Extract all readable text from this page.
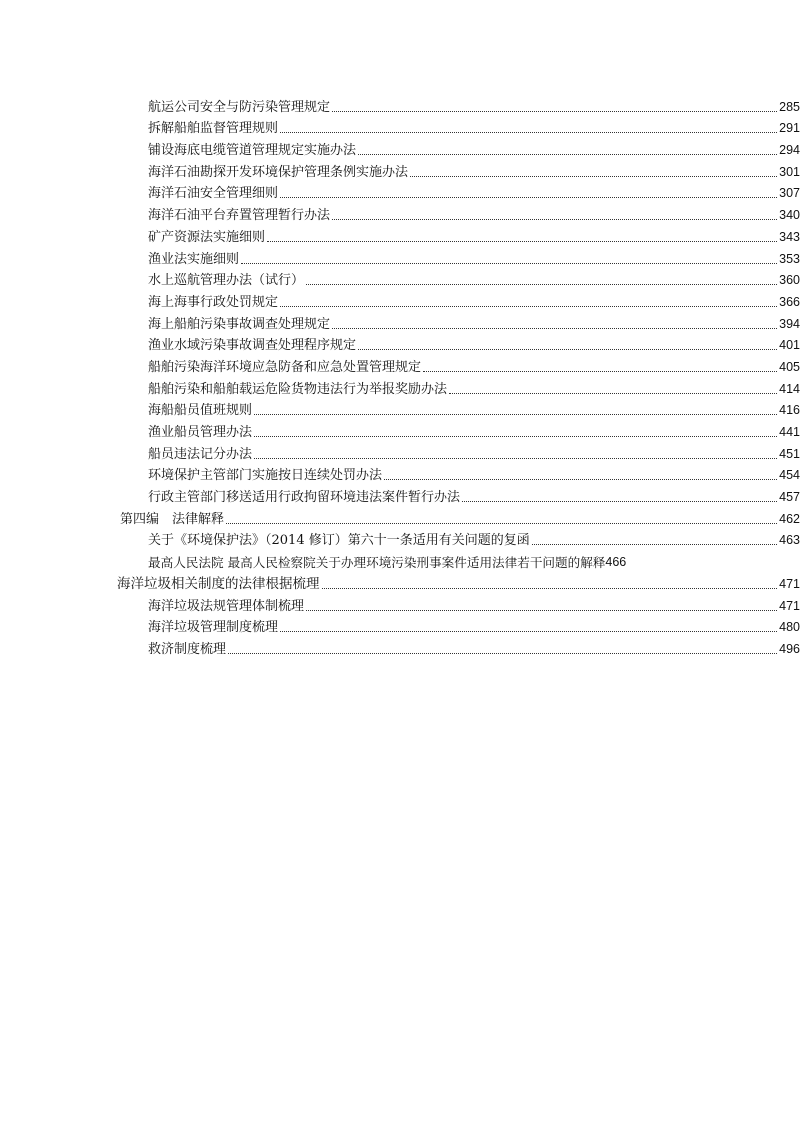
航运公司安全与防污染管理规定	285
拆解船舶监督管理规则	291
铺设海底电缆管道管理规定实施办法	294
海洋石油勘探开发环境保护管理条例实施办法	301
海洋石油安全管理细则	307
海洋石油平台弃置管理暂行办法	340
矿产资源法实施细则	343
渔业法实施细则	353
水上巡航管理办法（试行）	360
海上海事行政处罚规定	366
海上船舶污染事故调查处理规定	394
渔业水域污染事故调查处理程序规定	401
船舶污染海洋环境应急防备和应急处置管理规定	405
船舶污染和船舶载运危险货物违法行为举报奖励办法	414
海船船员值班规则	416
渔业船员管理办法	441
船员违法记分办法	451
环境保护主管部门实施按日连续处罚办法	454
行政主管部门移送适用行政拘留环境违法案件暂行办法	457
第四编　法律解释	462
关于《环境保护法》（2014 修订）第六十一条适用有关问题的复函	463
最高人民法院 最高人民检察院关于办理环境污染刑事案件适用法律若干问题的解释 466
海洋垃圾相关制度的法律根据梳理	471
海洋垃圾法规管理体制梳理	471
海洋垃圾管理制度梳理	480
救济制度梳理	496
